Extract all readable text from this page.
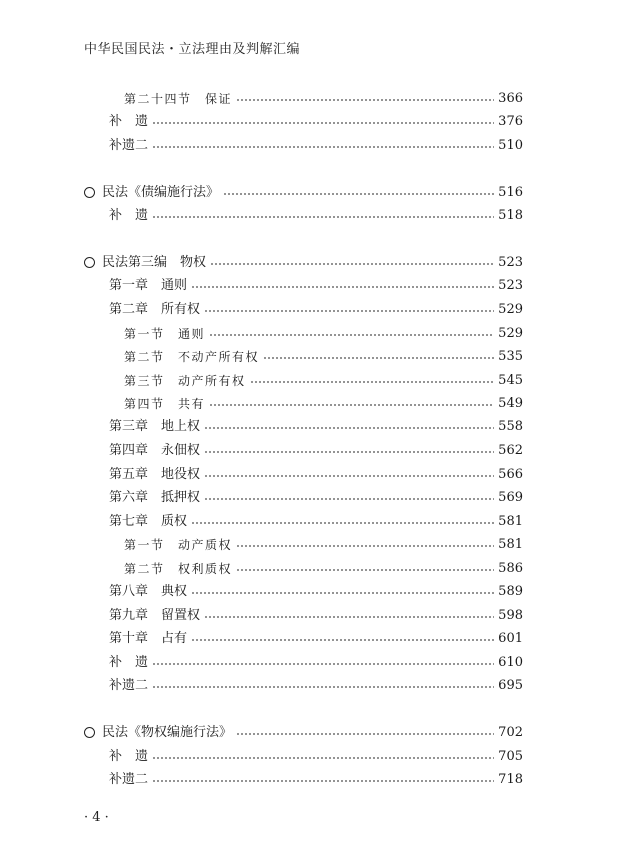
中华民国民法・立法理由及判解汇编
第二十四节　保证	366
补　遗	376
补遗二	510
民法《债编施行法》	516
补　遗	518
民法第三编　物权	523
第一章　通则	523
第二章　所有权	529
第一节　通则	529
第二节　不动产所有权	535
第三节　动产所有权	545
第四节　共有	549
第三章　地上权	558
第四章　永佃权	562
第五章　地役权	566
第六章　抵押权	569
第七章　质权	581
第一节　动产质权	581
第二节　权利质权	586
第八章　典权	589
第九章　留置权	598
第十章　占有	601
补　遗	610
补遗二	695
民法《物权编施行法》	702
补　遗	705
补遗二	718
· 4 ·
